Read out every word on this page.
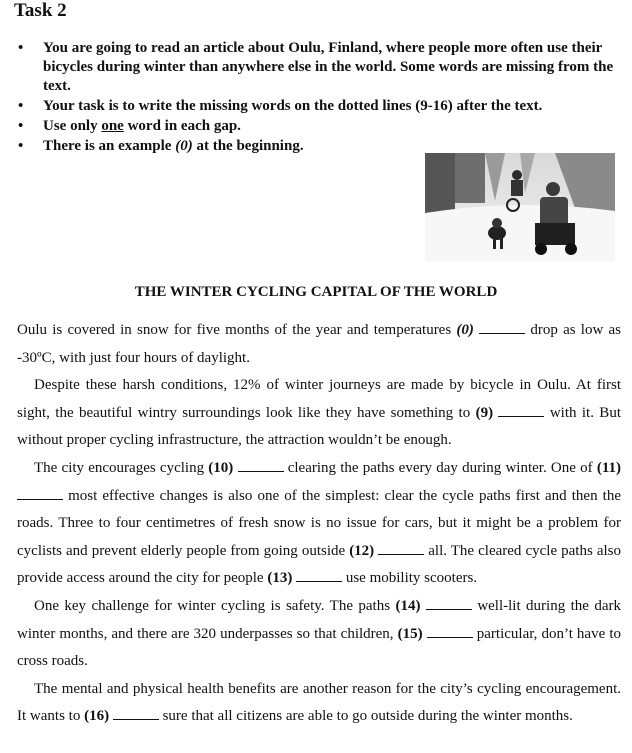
Task 2
• You are going to read an article about Oulu, Finland, where people more often use their bicycles during winter than anywhere else in the world. Some words are missing from the text.
• Your task is to write the missing words on the dotted lines (9-16) after the text.
• Use only one word in each gap.
• There is an example (0) at the beginning.
THE WINTER CYCLING CAPITAL OF THE WORLD

Oulu is covered in snow for five months of the year and temperatures (0)	drop as low as -30ºC, with just four hours of daylight.

Despite these harsh conditions, 12% of winter journeys are made by bicycle in Oulu. At first sight, the beautiful wintry surroundings look like they have something to (9)	with it. But without proper cycling infrastructure, the attraction wouldn’t be enough.

The city encourages cycling (10)	clearing the paths every day during winter. One of (11)  most effective changes is also one of the simplest: clear the cycle paths first and then the roads. Three to four centimetres of fresh snow is no issue for cars, but it might be a problem for cyclists and prevent elderly people from going outside (12)	all. The cleared cycle paths also provide access around the city for people (13)	use mobility scooters.

One key challenge for winter cycling is safety. The paths (14)	well-lit during the dark winter months, and there are 320 underpasses so that children, (15)	particular, don’t have to cross roads.

The mental and physical health benefits are another reason for the city’s cycling encouragement. It wants to (16)	sure that all citizens are able to go outside during the winter months.
